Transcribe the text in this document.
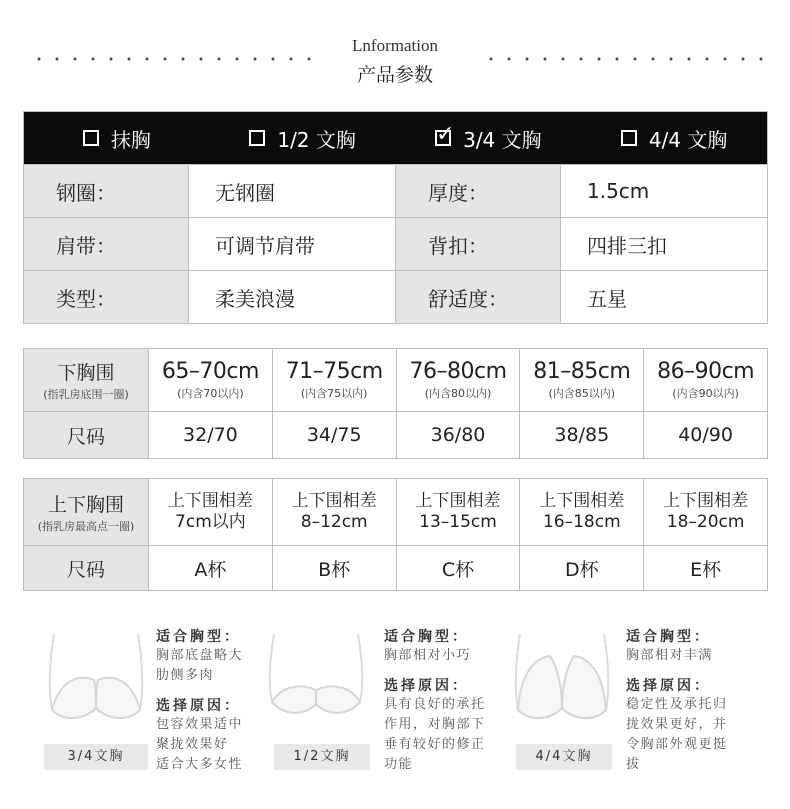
Lnformation
产品参数
抹胸	1/2 文胸
✓	3/4 文胸	4/4 文胸
钢圈：	无钢圈	厚度：	1.5cm
肩带：	可调节肩带	背扣：	四排三扣
类型：	柔美浪漫	舒适度：	五星
下胸围
(指乳房底围一圈)
65–70cm
(内含70以内)
71–75cm
(内含75以内)
76–80cm
(内含80以内)
81–85cm
(内含85以内)
86–90cm
(内含90以内)
尺码	32/70	34/75	36/80	38/85	40/90
上下胸围
(指乳房最高点一圈)
上下围相差
7cm以内
上下围相差
8–12cm
上下围相差
13–15cm
上下围相差
16–18cm
上下围相差
18–20cm
尺码	A杯	B杯	C杯	D杯	E杯
3/4文胸
适合胸型：
胸部底盘略大
肋侧多肉
选择原因：
包容效果适中
聚拢效果好
适合大多女性
1/2文胸
适合胸型：
胸部相对小巧
选择原因：
具有良好的承托
作用，对胸部下
垂有较好的修正
功能
4/4文胸
适合胸型：
胸部相对丰满
选择原因：
稳定性及承托归
拢效果更好，并
令胸部外观更挺
拔
